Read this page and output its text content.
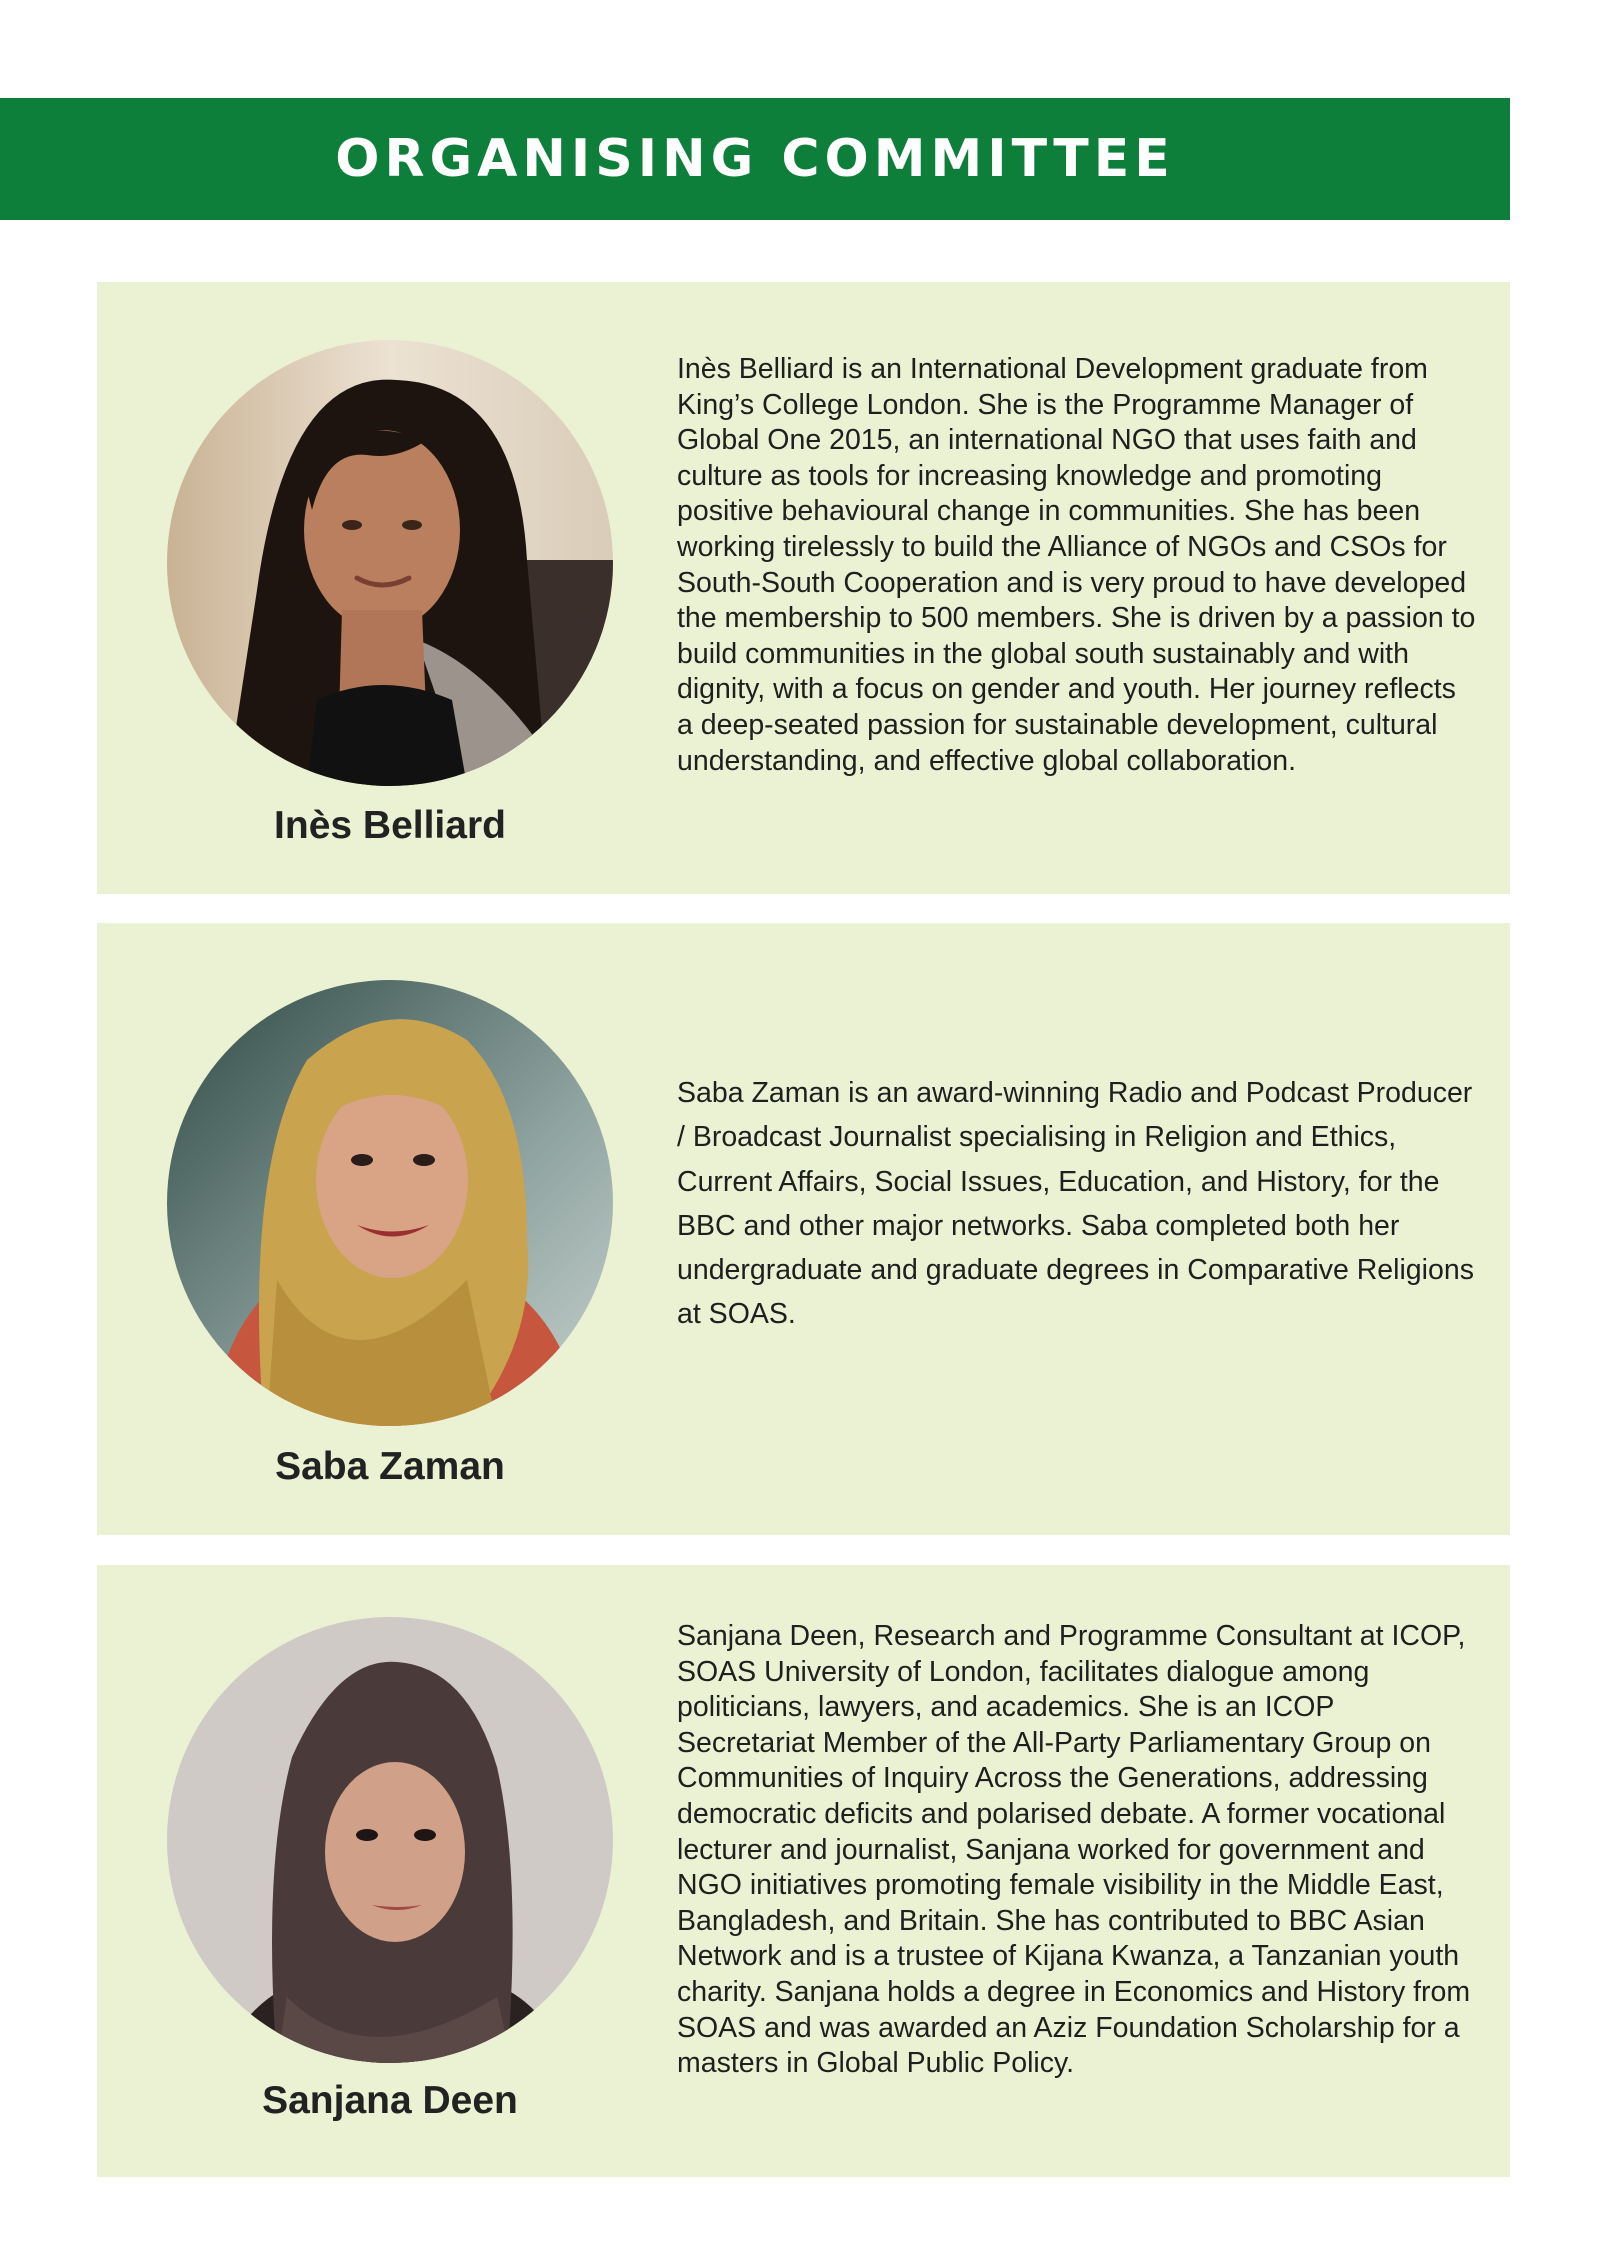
ORGANISING COMMITTEE
Inès Belliard

Inès Belliard is an International Development graduate from King’s College London. She is the Programme Manager of Global One 2015, an international NGO that uses faith and culture as tools for increasing knowledge and promoting positive behavioural change in communities. She has been working tirelessly to build the Alliance of NGOs and CSOs for South-South Cooperation and is very proud to have developed the membership to 500 members. She is driven by a passion to build communities in the global south sustainably and with dignity, with a focus on gender and youth. Her journey reflects a deep-seated passion for sustainable development, cultural understanding, and effective global collaboration.

Saba Zaman

Saba Zaman is an award-winning Radio and Podcast Producer / Broadcast Journalist specialising in Religion and Ethics, Current Affairs, Social Issues, Education, and History, for the BBC and other major networks. Saba completed both her undergraduate and graduate degrees in Comparative Religions at SOAS.

Sanjana Deen

Sanjana Deen, Research and Programme Consultant at ICOP, SOAS University of London, facilitates dialogue among politicians, lawyers, and academics. She is an ICOP Secretariat Member of the All-Party Parliamentary Group on Communities of Inquiry Across the Generations, addressing democratic deficits and polarised debate. A former vocational lecturer and journalist, Sanjana worked for government and NGO initiatives promoting female visibility in the Middle East, Bangladesh, and Britain. She has contributed to BBC Asian Network and is a trustee of Kijana Kwanza, a Tanzanian youth charity. Sanjana holds a degree in Economics and History from SOAS and was awarded an Aziz Foundation Scholarship for a masters in Global Public Policy.
